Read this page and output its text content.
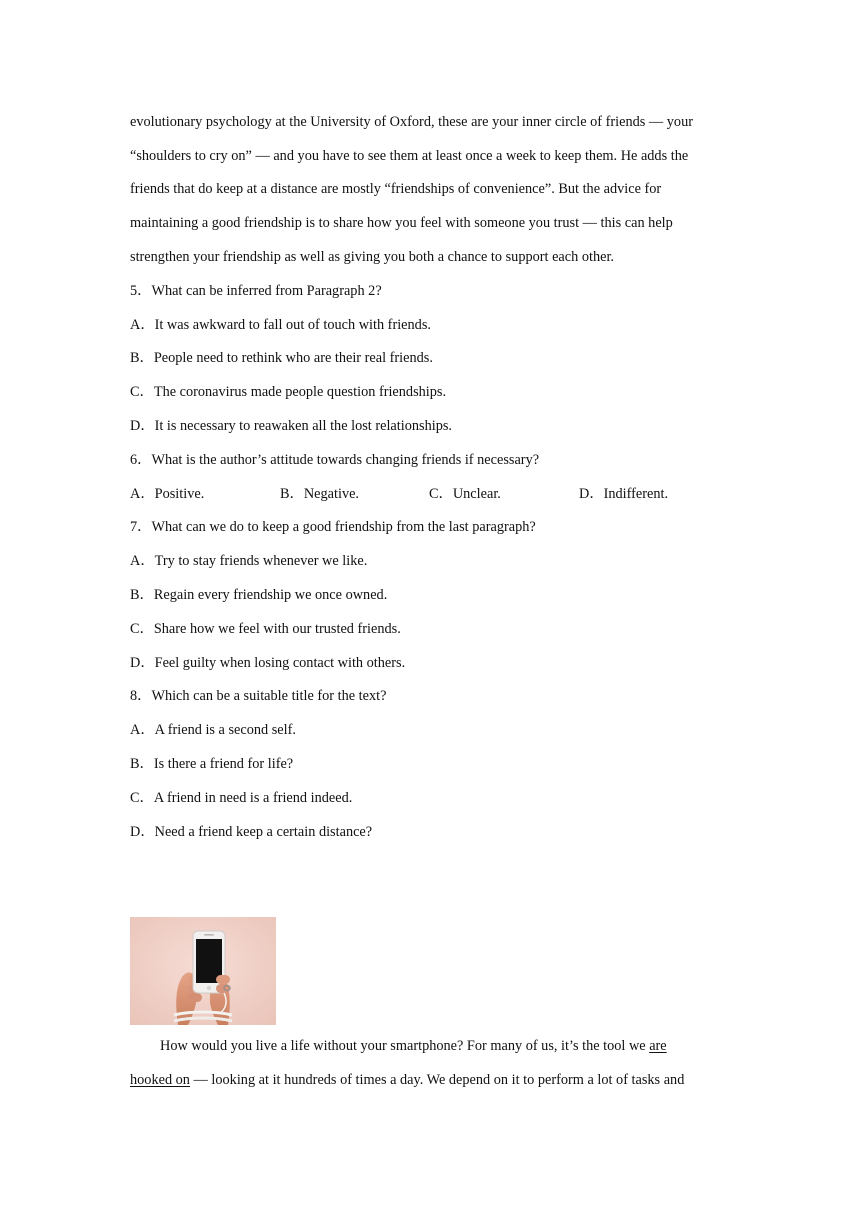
evolutionary psychology at the University of Oxford, these are your inner circle of friends — your
“shoulders to cry on” — and you have to see them at least once a week to keep them. He adds the
friends that do keep at a distance are mostly “friendships of convenience”. But the advice for
maintaining a good friendship is to share how you feel with someone you trust — this can help
strengthen your friendship as well as giving you both a chance to support each other.
5．What can be inferred from Paragraph 2?
A．It was awkward to fall out of touch with friends.
B．People need to rethink who are their real friends.
C．The coronavirus made people question friendships.
D．It is necessary to reawaken all the lost relationships.
6．What is the author’s attitude towards changing friends if necessary?
A．Positive.	B．Negative.	C．Unclear.	D．Indifferent.
7．What can we do to keep a good friendship from the last paragraph?
A．Try to stay friends whenever we like.
B．Regain every friendship we once owned.
C．Share how we feel with our trusted friends.
D．Feel guilty when losing contact with others.
8．Which can be a suitable title for the text?
A．A friend is a second self.
B．Is there a friend for life?
C．A friend in need is a friend indeed.
D．Need a friend keep a certain distance?
How would you live a life without your smartphone? For many of us, it’s the tool we are
hooked on — looking at it hundreds of times a day. We depend on it to perform a lot of tasks and
